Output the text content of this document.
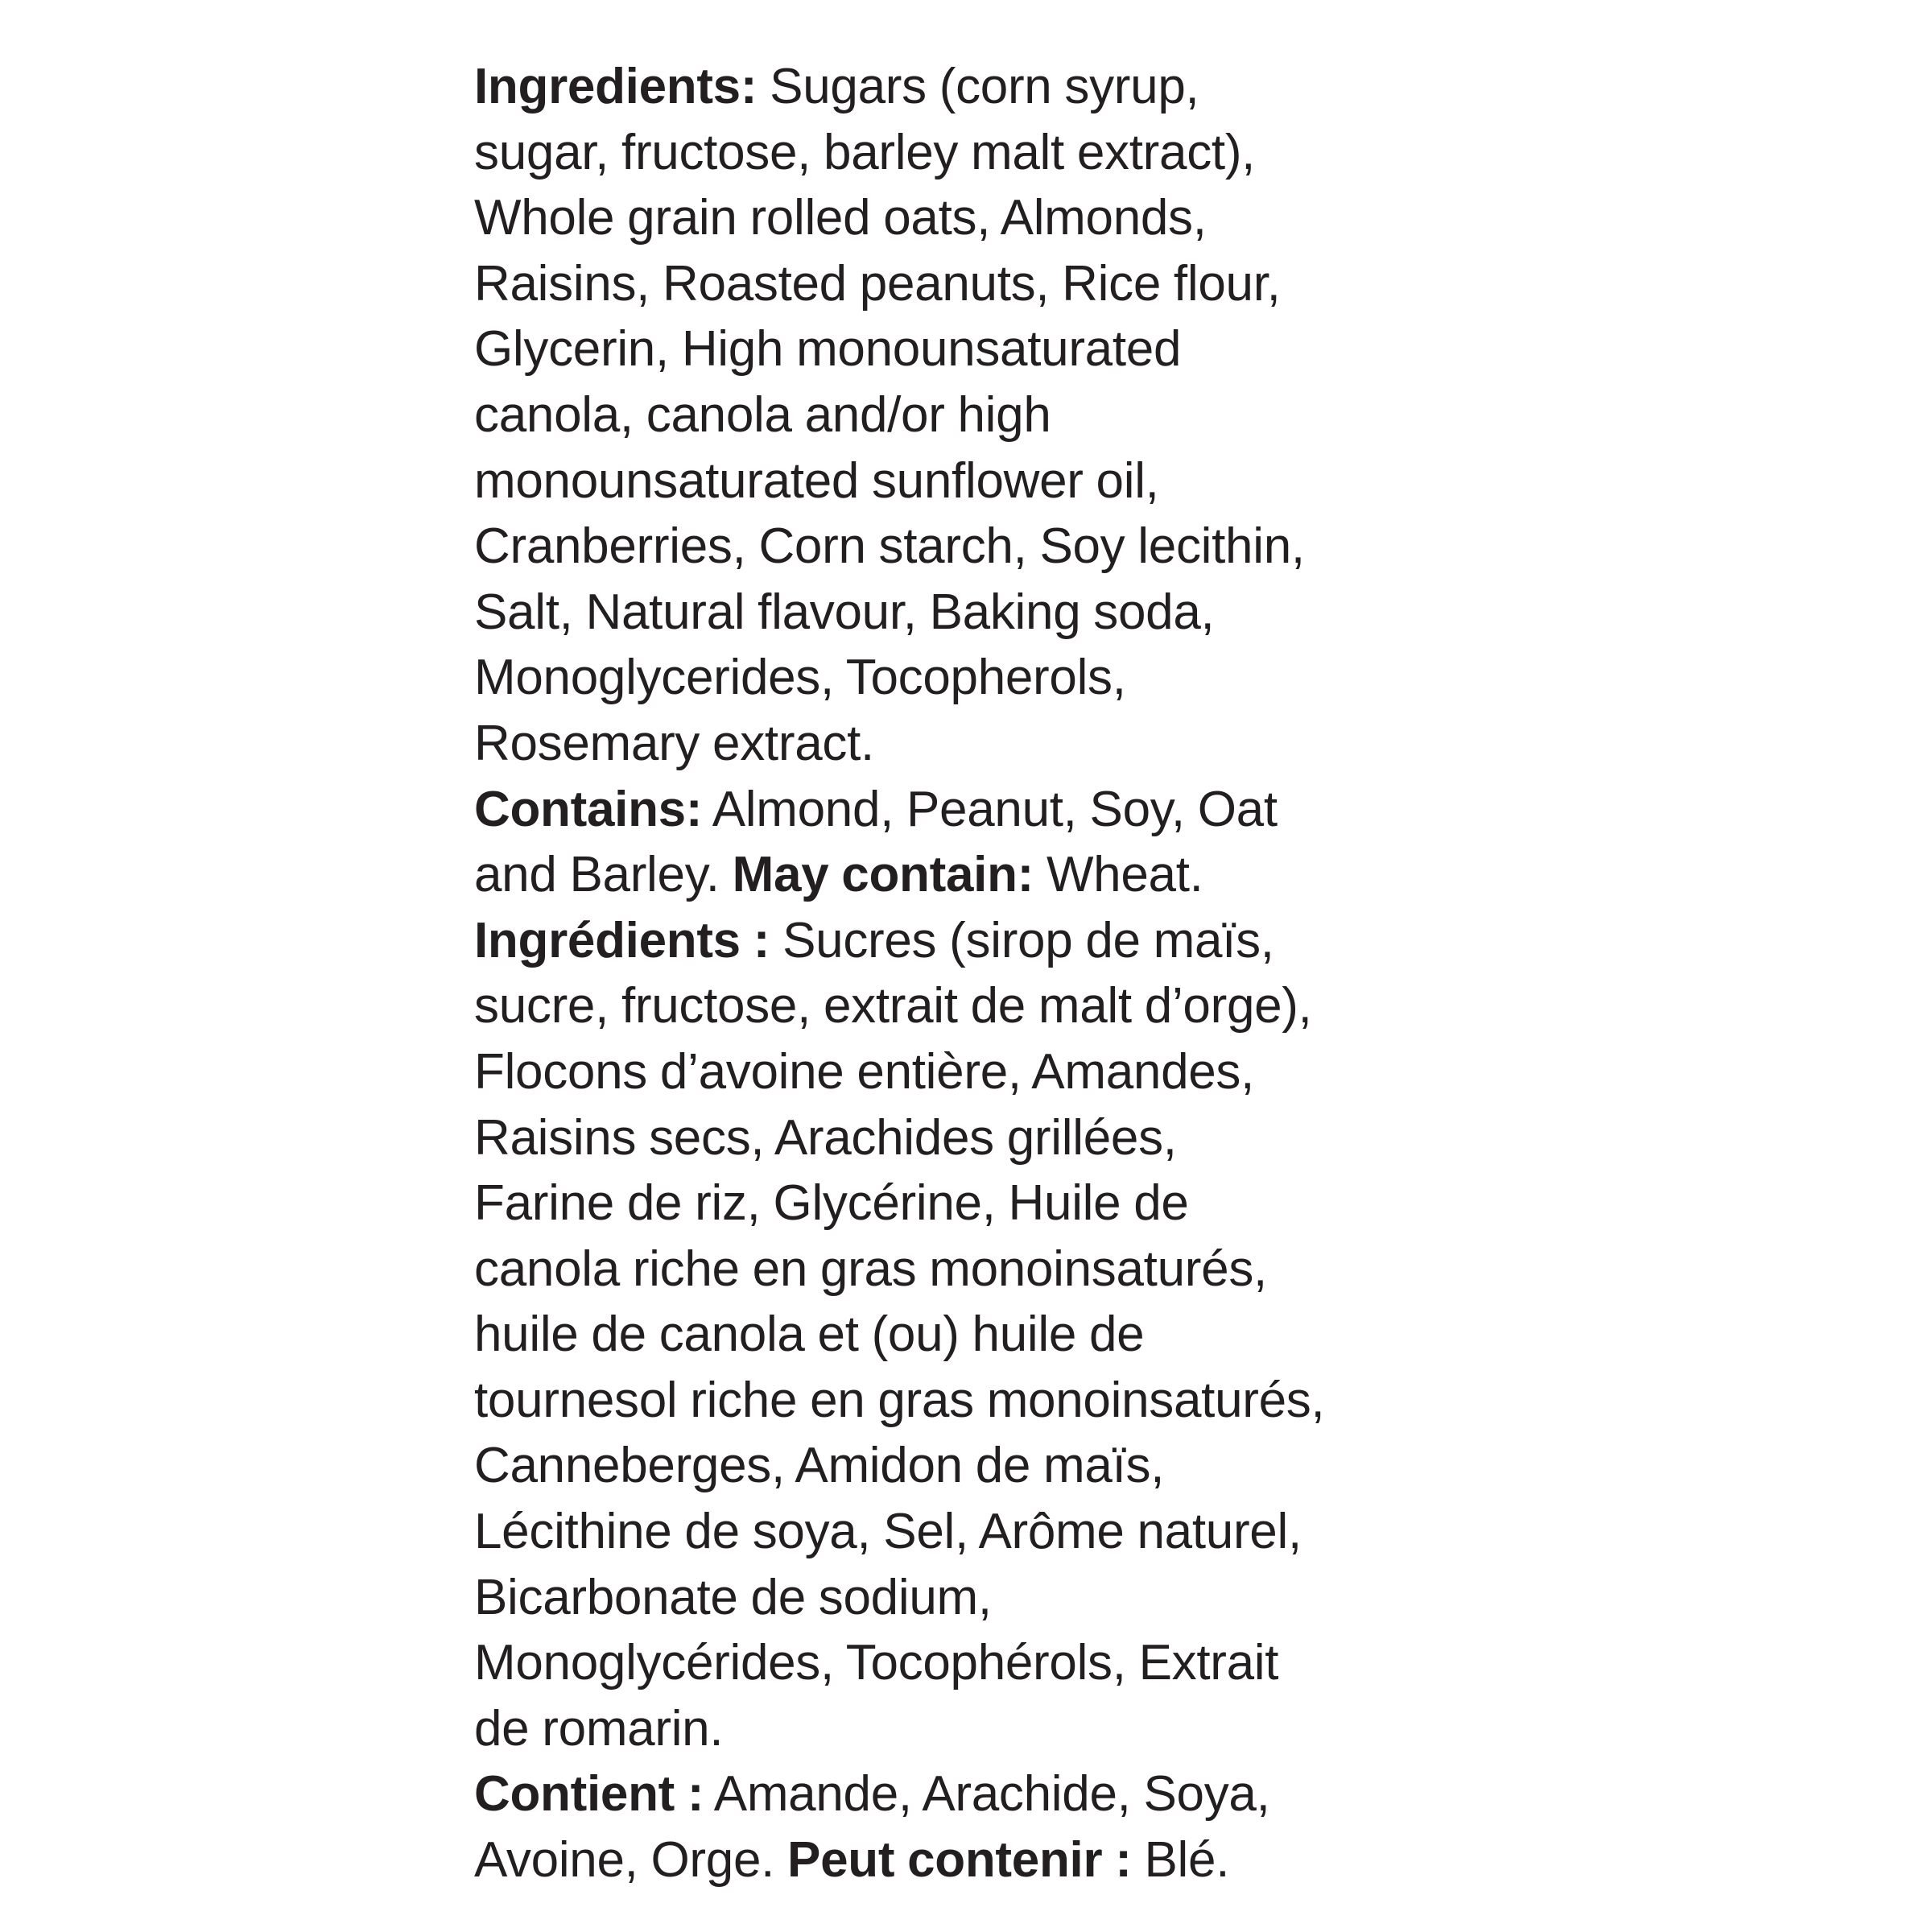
Ingredients: Sugars (corn syrup,
sugar, fructose, barley malt extract),
Whole grain rolled oats, Almonds,
Raisins, Roasted peanuts, Rice flour,
Glycerin, High monounsaturated
canola, canola and/or high
monounsaturated sunflower oil,
Cranberries, Corn starch, Soy lecithin,
Salt, Natural flavour, Baking soda,
Monoglycerides, Tocopherols,
Rosemary extract.
Contains: Almond, Peanut, Soy, Oat
and Barley. May contain: Wheat.
Ingrédients : Sucres (sirop de maïs,
sucre, fructose, extrait de malt d’orge),
Flocons d’avoine entière, Amandes,
Raisins secs, Arachides grillées,
Farine de riz, Glycérine, Huile de
canola riche en gras monoinsaturés,
huile de canola et (ou) huile de
tournesol riche en gras monoinsaturés,
Canneberges, Amidon de maïs,
Lécithine de soya, Sel, Arôme naturel,
Bicarbonate de sodium,
Monoglycérides, Tocophérols, Extrait
de romarin.
Contient : Amande, Arachide, Soya,
Avoine, Orge. Peut contenir : Blé.
